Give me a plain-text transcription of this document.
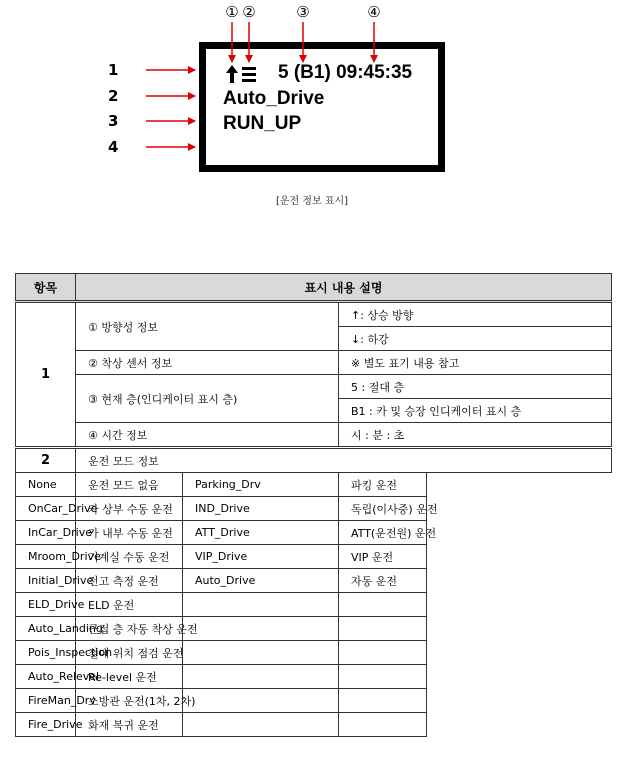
① ②	③	④
1
2
3
4
5 (B1) 09:45:35
Auto_Drive
RUN_UP
[운전 정보 표시]
항목	표시 내용 설명		
1	① 방향성 정보		↑: 상승 방향
			↓: 하강
	② 착상 센서 정보		※ 별도 표기 내용 참고
	③ 현재 층(인디케이터 표시 층)		5 : 절대 층
			B1 : 카 및 승장 인디케이터 표시 층
	④ 시간 정보		시 : 분 : 초
2	운전 모드 정보		
None	운전 모드 없음	Parking_Drv	파킹 운전
OnCar_Drive	카 상부 수동 운전	IND_Drive	독립(이사중) 운전
InCar_Drive	카 내부 수동 운전	ATT_Drive	ATT(운전원) 운전
Mroom_Drive	기계실 수동 운전	VIP_Drive	VIP 운전
Initial_Drive	전고 측정 운전	Auto_Drive	자동 운전
ELD_Drive	ELD 운전		
Auto_Landing	근접 층 자동 착상 운전		
Pois_Inspection	절대 위치 점검 운전		
Auto_Relevel	Re-level 운전		
FireMan_Drv	소방관 운전(1차, 2차)		
Fire_Drive	화재 복귀 운전		
